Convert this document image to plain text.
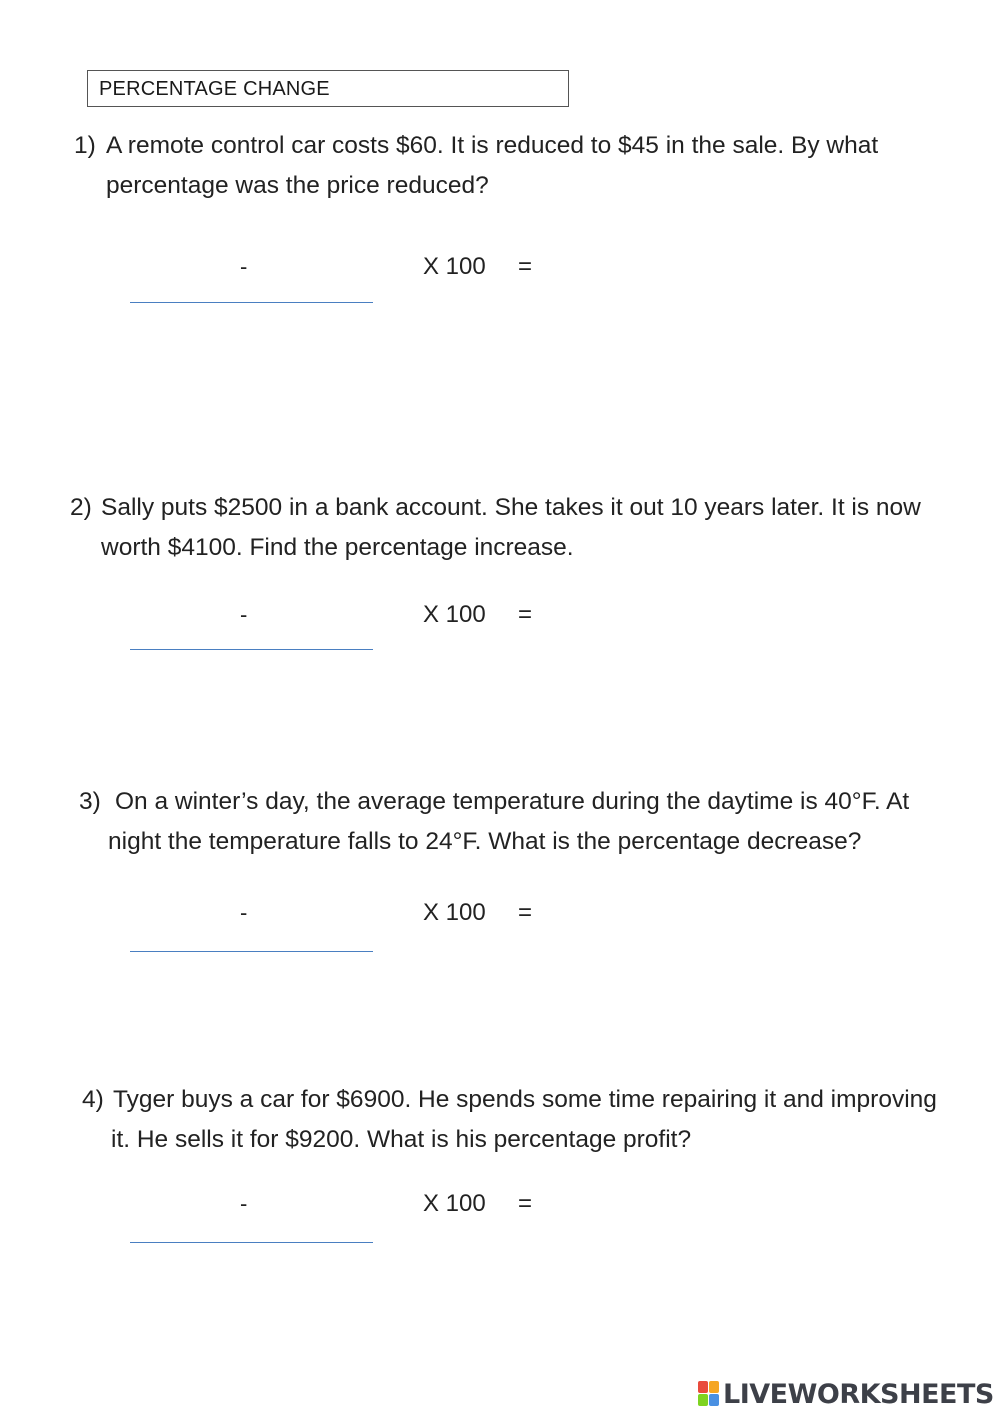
PERCENTAGE CHANGE
1) A remote control car costs $60. It is reduced to $45 in the sale. By what
percentage was the price reduced?
-	X 100 =
2) Sally puts $2500 in a bank account. She takes it out 10 years later. It is now
worth $4100. Find the percentage increase.
-	X 100 =
3) On a winter’s day, the average temperature during the daytime is 40°F. At
night the temperature falls to 24°F. What is the percentage decrease?
-	X 100 =
4) Tyger buys a car for $6900. He spends some time repairing it and improving
it. He sells it for $9200. What is his percentage profit?
-	X 100 =
LIVEWORKSHEETS
